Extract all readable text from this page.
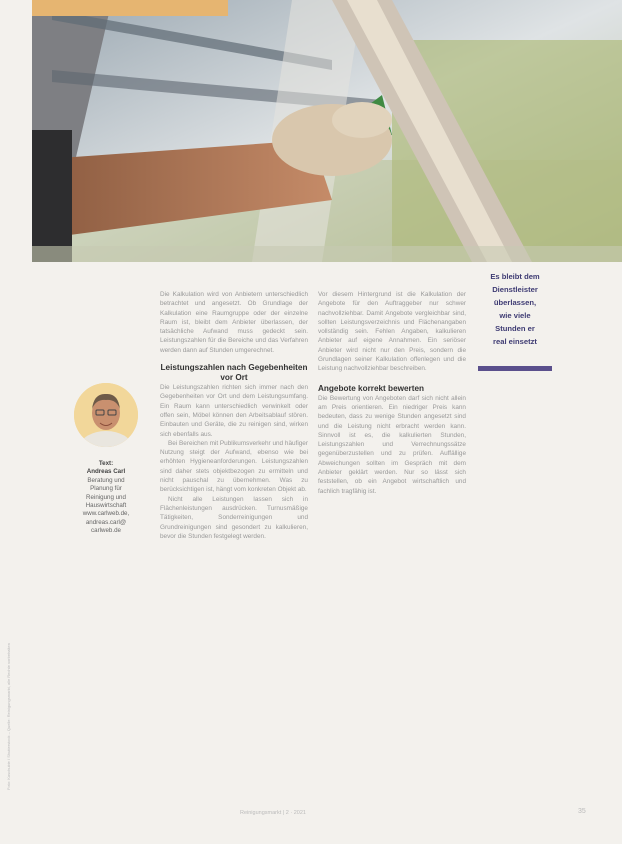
Foto: Kaschubie / Shutterstock – Quelle: Reinigungsmarkt, alle Rechte vorbehalten
Text:
Andreas Carl
Beratung und
Planung für
Reinigung und
Hauswirtschaft
www.carlweb.de,
andreas.carl@
carlweb.de

Die Kalkulation wird von Anbietern unterschiedlich betrachtet und angesetzt. Ob Grundlage der Kalkulation eine Raumgruppe oder der einzelne Raum ist, bleibt dem Anbieter überlassen, der tatsächliche Aufwand muss gedeckt sein. Leistungszahlen für die Bereiche und das Verfahren werden dann auf Stunden umgerechnet.

Leistungszahlen nach Gegebenheiten vor Ort

Die Leistungszahlen richten sich immer nach den Gegebenheiten vor Ort und dem Leistungsumfang. Ein Raum kann unterschiedlich verwinkelt oder offen sein, Möbel können den Arbeitsablauf stören. Einbauten und Geräte, die zu reinigen sind, wirken sich ebenfalls aus.

Bei Bereichen mit Publikumsverkehr und häufiger Nutzung steigt der Aufwand, ebenso wie bei erhöhten Hygieneanforderungen. Leistungszahlen sind daher stets objektbezogen zu ermitteln und nicht pauschal zu übernehmen. Was zu berücksichtigen ist, hängt vom konkreten Objekt ab.

Nicht alle Leistungen lassen sich in Flächenleistungen ausdrücken. Turnusmäßige Tätigkeiten, Sonderreinigungen und Grundreinigungen sind gesondert zu kalkulieren, bevor die Stunden festgelegt werden.

Vor diesem Hintergrund ist die Kalkulation der Angebote für den Auftraggeber nur schwer nachvollziehbar. Damit Angebote vergleichbar sind, sollten Leistungsverzeichnis und Flächenangaben vollständig sein. Fehlen Angaben, kalkulieren Anbieter auf eigene Annahmen. Ein seriöser Anbieter wird nicht nur den Preis, sondern die Grundlagen seiner Kalkulation offenlegen und die Leistung nachvollziehbar beschreiben.

Angebote korrekt bewerten

Die Bewertung von Angeboten darf sich nicht allein am Preis orientieren. Ein niedriger Preis kann bedeuten, dass zu wenige Stunden angesetzt sind und die Leistung nicht erbracht werden kann. Sinnvoll ist es, die kalkulierten Stunden, Leistungszahlen und Verrechnungssätze gegenüberzustellen und zu prüfen. Auffällige Abweichungen sollten im Gespräch mit dem Anbieter geklärt werden. Nur so lässt sich feststellen, ob ein Angebot wirtschaftlich und fachlich tragfähig ist.

Es bleibt dem
Dienstleister
überlassen,
wie viele
Stunden er
real einsetzt
Reinigungsmarkt | 2 · 2021	35
